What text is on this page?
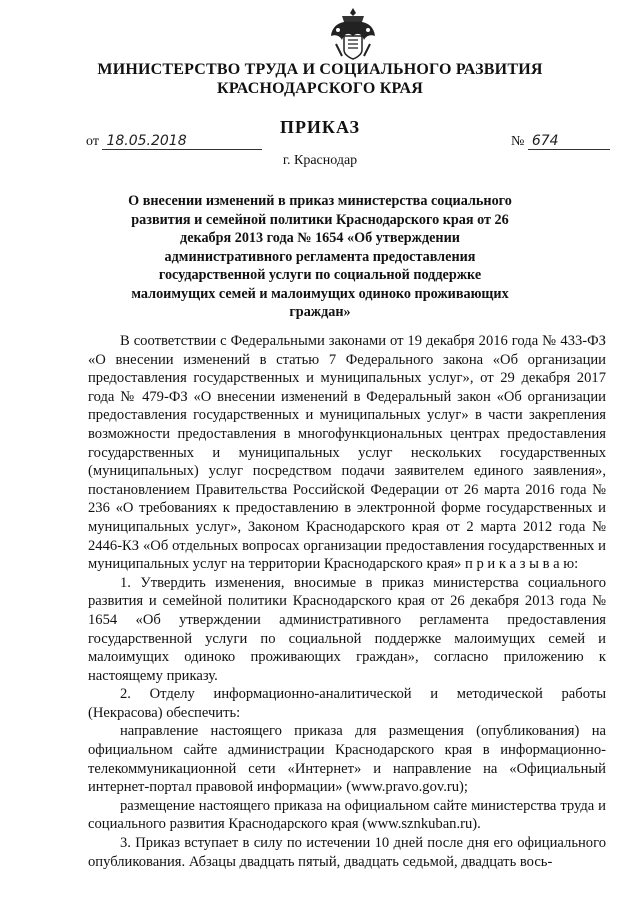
МИНИСТЕРСТВО ТРУДА И СОЦИАЛЬНОГО РАЗВИТИЯ
КРАСНОДАРСКОГО КРАЯ
ПРИКАЗ
от 18.05.2018	№ 674
г. Краснодар
О внесении изменений в приказ министерства социального развития и семейной политики Краснодарского края от 26 декабря 2013 года № 1654 «Об утверждении административного регламента предоставления государственной услуги по социальной поддержке малоимущих семей и малоимущих одиноко проживающих граждан»

В соответствии с Федеральными законами от 19 декабря 2016 года № 433-ФЗ «О внесении изменений в статью 7 Федерального закона «Об организации предоставления государственных и муниципальных услуг», от 29 декабря 2017 года № 479-ФЗ «О внесении изменений в Федеральный закон «Об организации предоставления государственных и муниципальных услуг» в части закрепления возможности предоставления в многофункциональных центрах предоставления государственных и муниципальных услуг нескольких государственных (муниципальных) услуг посредством подачи заявителем единого заявления», постановлением Правительства Российской Федерации от 26 марта 2016 года № 236 «О требованиях к предоставлению в электронной форме государственных и муниципальных услуг», Законом Краснодарского края от 2 марта 2012 года № 2446-КЗ «Об отдельных вопросах организации предоставления государственных и муниципальных услуг на территории Краснодарского края» п р и к а з ы в а ю:

1. Утвердить изменения, вносимые в приказ министерства социального развития и семейной политики Краснодарского края от 26 декабря 2013 года № 1654 «Об утверждении административного регламента предоставления государственной услуги по социальной поддержке малоимущих семей и малоимущих одиноко проживающих граждан», согласно приложению к настоящему приказу.

2. Отделу информационно-аналитической и методической работы (Некрасова) обеспечить:

направление настоящего приказа для размещения (опубликования) на официальном сайте администрации Краснодарского края в информационно-телекоммуникационной сети «Интернет» и направление на «Официальный интернет-портал правовой информации» (www.pravo.gov.ru);

размещение настоящего приказа на официальном сайте министерства труда и социального развития Краснодарского края (www.sznkuban.ru).

3. Приказ вступает в силу по истечении 10 дней после дня его официального опубликования. Абзацы двадцать пятый, двадцать седьмой, двадцать вось-
